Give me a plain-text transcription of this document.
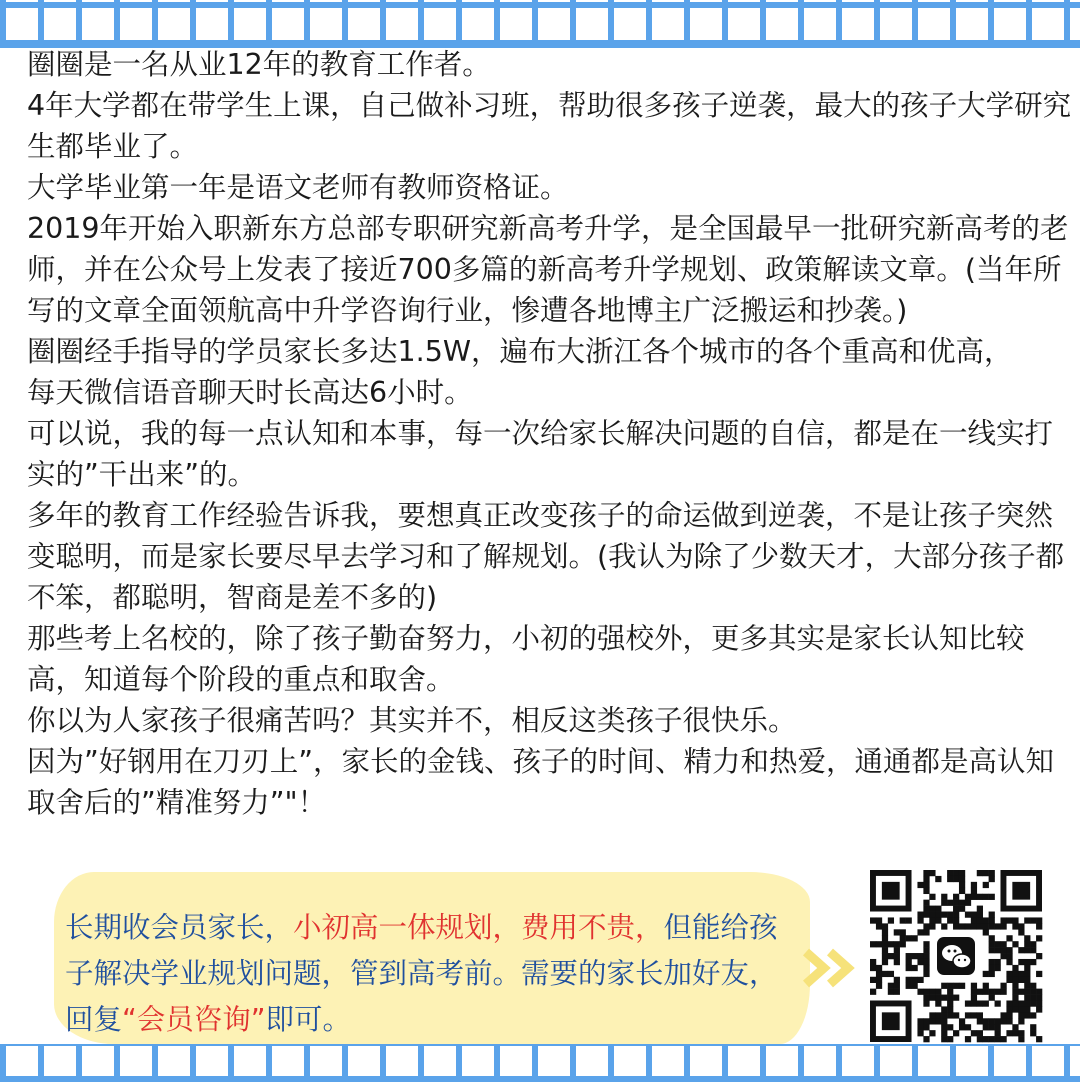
圈圈是一名从业12年的教育工作者。
4年大学都在带学生上课，自己做补习班，帮助很多孩子逆袭，最大的孩子大学研究生都毕业了。
大学毕业第一年是语文老师有教师资格证。
2019年开始入职新东方总部专职研究新高考升学，是全国最早一批研究新高考的老师，并在公众号上发表了接近700多篇的新高考升学规划、政策解读文章。(当年所写的文章全面领航高中升学咨询行业，惨遭各地博主广泛搬运和抄袭。)
圈圈经手指导的学员家长多达1.5W，遍布大浙江各个城市的各个重高和优高，
每天微信语音聊天时长高达6小时。
可以说，我的每一点认知和本事，每一次给家长解决问题的自信，都是在一线实打实的”干出来”的。
多年的教育工作经验告诉我，要想真正改变孩子的命运做到逆袭，不是让孩子突然变聪明，而是家长要尽早去学习和了解规划。(我认为除了少数天才，大部分孩子都不笨，都聪明，智商是差不多的)
那些考上名校的，除了孩子勤奋努力，小初的强校外，更多其实是家长认知比较高，知道每个阶段的重点和取舍。
你以为人家孩子很痛苦吗？其实并不，相反这类孩子很快乐。
因为”好钢用在刀刃上”，家长的金钱、孩子的时间、精力和热爱，通通都是高认知取舍后的”精准努力”"！
长期收会员家长，小初高一体规划，费用不贵，但能给孩子解决学业规划问题，管到高考前。需要的家长加好友，回复“会员咨询”即可。
